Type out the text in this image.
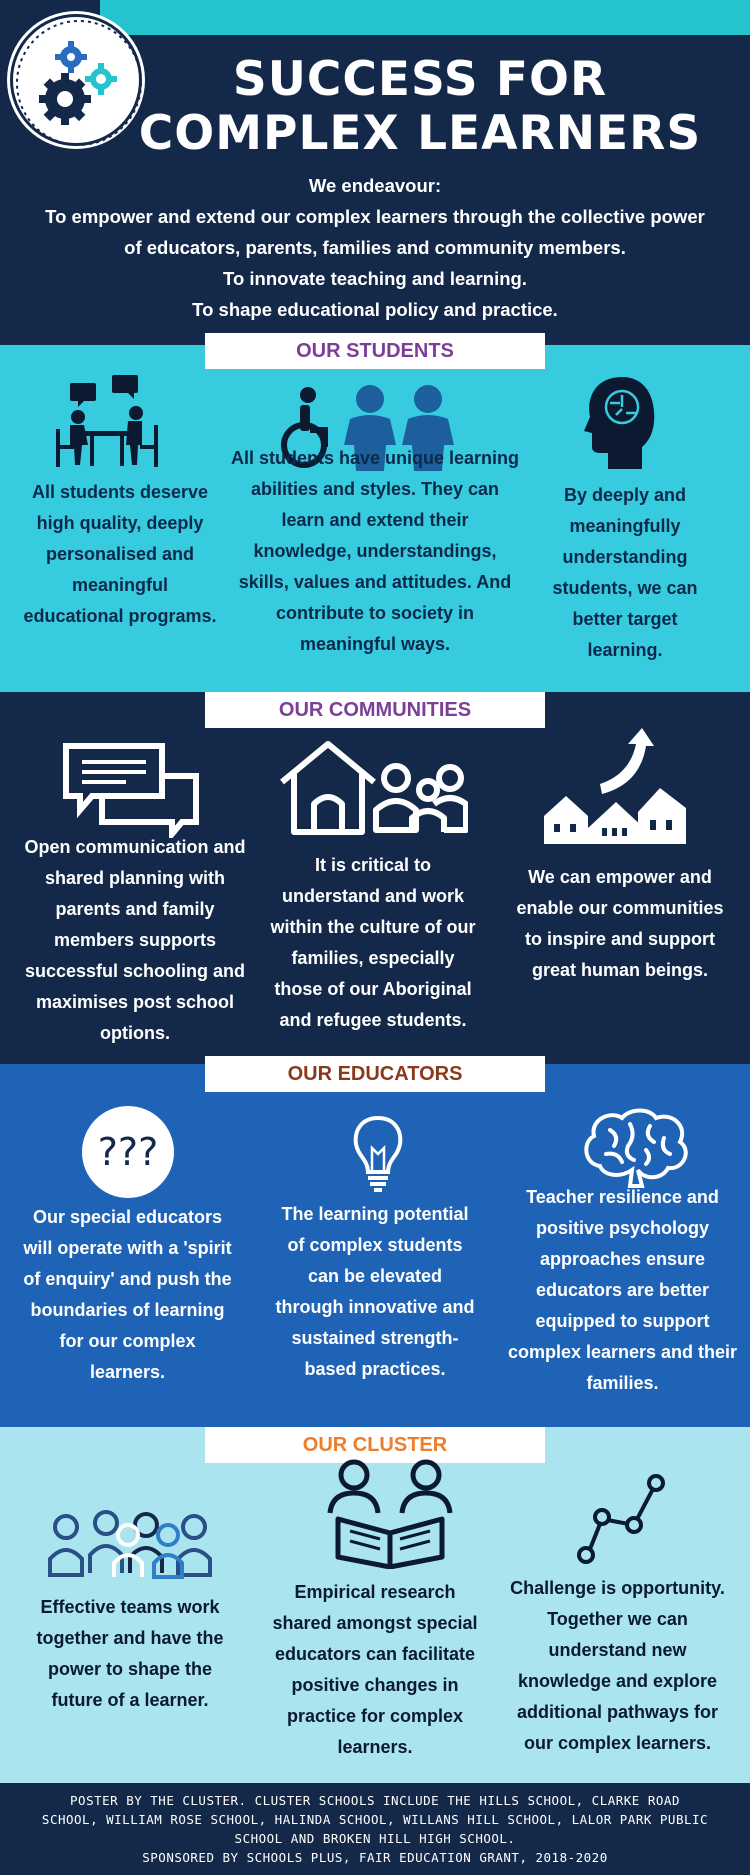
SUCCESS FOR
COMPLEX LEARNERS
We endeavour:
To empower and extend our complex learners through the collective power
of educators, parents, families and community members.
To innovate teaching and learning.
To shape educational policy and practice.
OUR STUDENTS
All students deserve high quality, deeply personalised and meaningful educational programs.
All students have unique learning abilities and styles. They can learn and extend their knowledge, understandings, skills, values and attitudes. And contribute to society in meaningful ways.
By deeply and meaningfully understanding students, we can better target learning.
OUR COMMUNITIES
Open communication and shared planning with parents and family members supports successful schooling and maximises post school options.
It is critical to understand and work within the culture of our families, especially those of our Aboriginal and refugee students.
We can empower and enable our communities to inspire and support great human beings.
OUR EDUCATORS
???
Our special educators will operate with a 'spirit of enquiry' and push the boundaries of learning for our complex learners.
The learning potential of complex students can be elevated through innovative and sustained strength-based practices.
Teacher resilience and positive psychology approaches ensure educators are better equipped to support complex learners and their families.
OUR CLUSTER
Effective teams work together and have the power to shape the future of a learner.
Empirical research shared amongst special educators can facilitate positive changes in practice for complex learners.
Challenge is opportunity. Together we can understand new knowledge and explore additional pathways for our complex learners.
POSTER BY THE CLUSTER. CLUSTER SCHOOLS INCLUDE THE HILLS SCHOOL, CLARKE ROAD
SCHOOL, WILLIAM ROSE SCHOOL, HALINDA SCHOOL, WILLANS HILL SCHOOL, LALOR PARK PUBLIC
SCHOOL AND BROKEN HILL HIGH SCHOOL.
SPONSORED BY SCHOOLS PLUS, FAIR EDUCATION GRANT, 2018-2020
